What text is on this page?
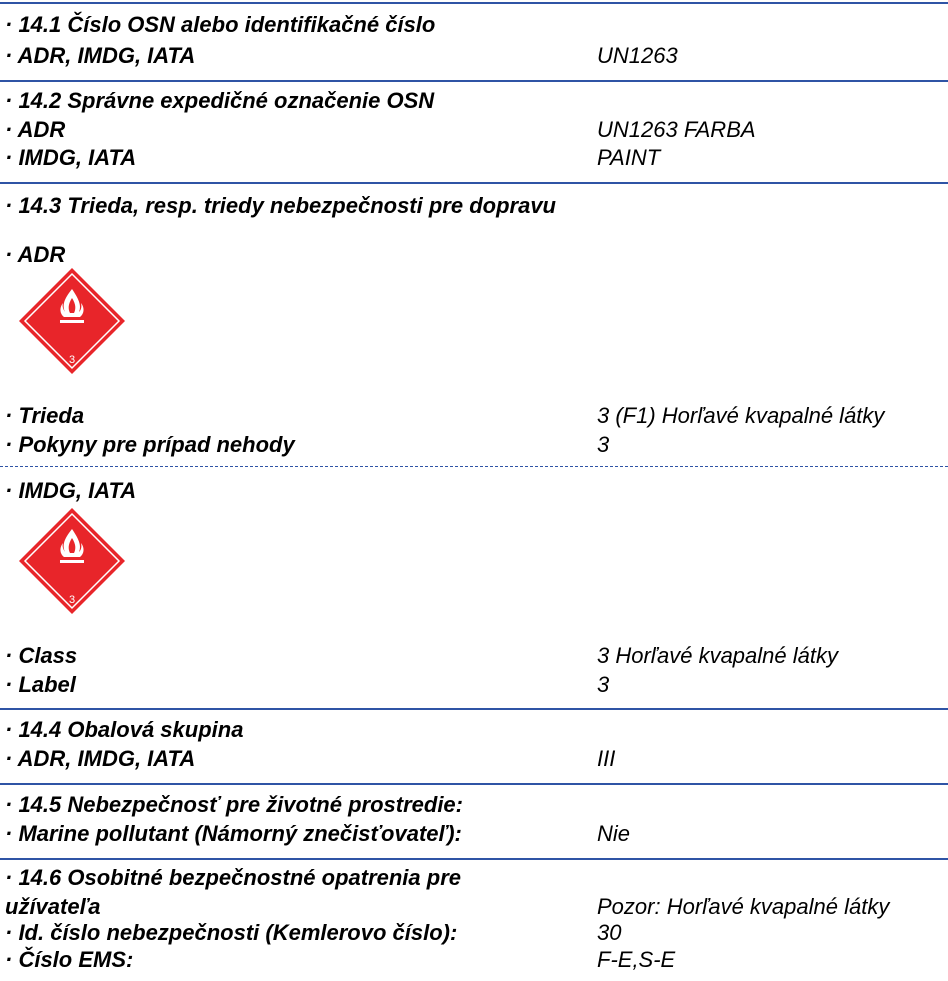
· 14.1 Číslo OSN alebo identifikačné číslo
· ADR, IMDG, IATA	UN1263
· 14.2 Správne expedičné označenie OSN
· ADR	UN1263 FARBA
· IMDG, IATA	PAINT
· 14.3 Trieda, resp. triedy nebezpečnosti pre dopravu
· ADR
3
· Trieda	3 (F1) Horľavé kvapalné látky
· Pokyny pre prípad nehody	3
· IMDG, IATA
3
· Class	3 Horľavé kvapalné látky
· Label	3
· 14.4 Obalová skupina
· ADR, IMDG, IATA	III
· 14.5 Nebezpečnosť pre životné prostredie:
· Marine pollutant (Námorný znečisťovateľ):	Nie
· 14.6 Osobitné bezpečnostné opatrenia pre
užívateľa	Pozor: Horľavé kvapalné látky
· Id. číslo nebezpečnosti (Kemlerovo číslo):	30
· Číslo EMS:	F-E,S-E
